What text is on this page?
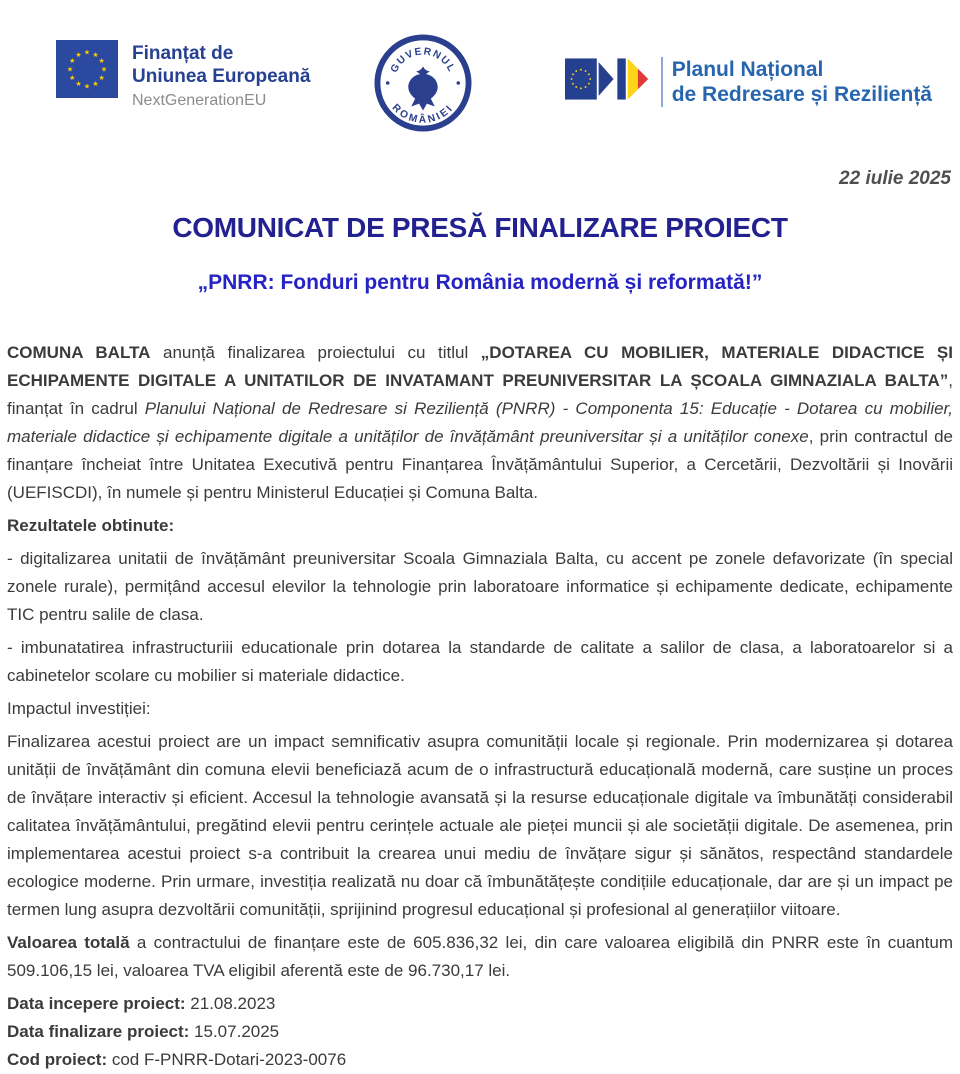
★ ★
★
★
★
★
★
★
★
★
★
★	Finanțat de
Uniunea Europeană
NextGenerationEU
GUVERNUL
ROMÂNIEI
Planul Național
de Redresare și Reziliență
22 iulie 2025
COMUNICAT DE PRESĂ FINALIZARE PROIECT
„PNRR: Fonduri pentru România modernă și reformată!”

COMUNA BALTA anunță finalizarea proiectului cu titlul „DOTAREA CU MOBILIER, MATERIALE DIDACTICE ȘI ECHIPAMENTE DIGITALE A UNITATILOR DE INVATAMANT PREUNIVERSITAR LA ȘCOALA GIMNAZIALA BALTA”, finanțat în cadrul Planului Național de Redresare si Reziliență (PNRR) - Componenta 15: Educație - Dotarea cu mobilier, materiale didactice și echipamente digitale a unităților de învățământ preuniversitar și a unităților conexe, prin contractul de finanțare încheiat între Unitatea Executivă pentru Finanțarea Învățământului Superior, a Cercetării, Dezvoltării și Inovării (UEFISCDI), în numele și pentru Ministerul Educației și Comuna Balta.

Rezultatele obtinute:

- digitalizarea unitatii de învățământ preuniversitar Scoala Gimnaziala Balta, cu accent pe zonele defavorizate (în special zonele rurale), permițând accesul elevilor la tehnologie prin laboratoare informatice și echipamente dedicate, echipamente TIC pentru salile de clasa.

- imbunatatirea infrastructuriii educationale prin dotarea la standarde de calitate a salilor de clasa, a laboratoarelor si a cabinetelor scolare cu mobilier si materiale didactice.

Impactul investiției:

Finalizarea acestui proiect are un impact semnificativ asupra comunității locale și regionale. Prin modernizarea și dotarea unității de învățământ din comuna elevii beneficiază acum de o infrastructură educațională modernă, care susține un proces de învățare interactiv și eficient. Accesul la tehnologie avansată și la resurse educaționale digitale va îmbunătăți considerabil calitatea învățământului, pregătind elevii pentru cerințele actuale ale pieței muncii și ale societății digitale. De asemenea, prin implementarea acestui proiect s-a contribuit la crearea unui mediu de învățare sigur și sănătos, respectând standardele ecologice moderne. Prin urmare, investiția realizată nu doar că îmbunătățește condițiile educaționale, dar are și un impact pe termen lung asupra dezvoltării comunității, sprijinind progresul educațional și profesional al generațiilor viitoare.

Valoarea totală a contractului de finanțare este de 605.836,32 lei, din care valoarea eligibilă din PNRR este în cuantum 509.106,15 lei, valoarea TVA eligibil aferentă este de 96.730,17 lei.

Data incepere proiect: 21.08.2023

Data finalizare proiect: 15.07.2025

Cod proiect: cod F-PNRR-Dotari-2023-0076
